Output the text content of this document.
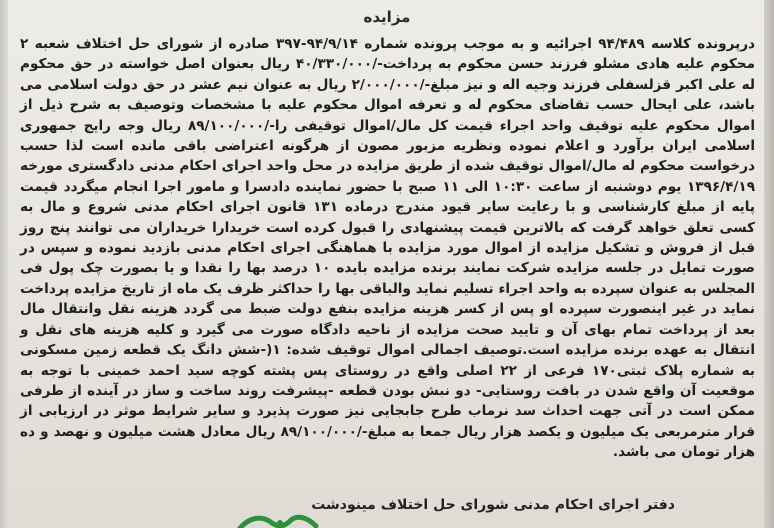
مزایده
درپرونده کلاسه ۹۴/۴۸۹ اجرائیه و به موجب پرونده شماره ۹۴/۹/۱۴-۳۹۷ صادره از شورای حل اختلاف شعبه ۲ محکوم علیه هادی مشلو فرزند حسن محکوم به پرداخت-/۴۰/۳۳۰/۰۰۰ ریال بعنوان اصل خواسته در حق محکوم له علی اکبر قزلسفلی فرزند وجیه اله و نیز مبلغ-/۲/۰۰۰/۰۰۰ ریال به عنوان نیم عشر در حق دولت اسلامی می باشد، علی ایحال حسب تقاضای محکوم له و تعرفه اموال محکوم علیه با مشخصات وتوصیف به شرح ذیل از اموال محکوم علیه توقیف واحد اجراء قیمت کل مال/اموال توقیفی را-/۸۹/۱۰۰/۰۰۰ ریال وجه رایج جمهوری اسلامی ایران برآورد و اعلام نموده ونظریه مزبور مصون از هرگونه اعتراضی باقی مانده است لذا حسب درخواست محکوم له مال/اموال توقیف شده از طریق مزایده در محل واحد اجرای احکام مدنی دادگستری مورخه ۱۳۹۶/۴/۱۹ یوم دوشنبه از ساعت ۱۰:۳۰ الی ۱۱ صبح با حضور نماینده دادسرا و مامور اجرا انجام میگردد قیمت پایه از مبلغ کارشناسی و با رعایت سایر قیود مندرج درماده ۱۳۱ قانون اجرای احکام مدنی شروع و مال به کسی تعلق خواهد گرفت که بالاترین قیمت پیشنهادی را قبول کرده است خریدارا خریداران می توانند پنج روز قبل از فروش و تشکیل مزایده از اموال مورد مزایده با هماهنگی اجرای احکام مدنی بازدید نموده و سپس در صورت تمایل در جلسه مزایده شرکت نمایند برنده مزایده بایده ۱۰ درصد بها را نقدا و یا بصورت چک پول فی المجلس به عنوان سپرده به واحد اجراء تسلیم نماید والباقی بها را حداکثر ظرف یک ماه از تاریخ مزایده پرداخت نماید در غیر اینصورت سپرده او پس از کسر هزینه مزایده بنفع دولت ضبط می گردد هزینه نقل وانتقال مال بعد از پرداخت تمام بهای آن و تایید صحت مزایده از ناحیه دادگاه صورت می گیرد و کلیه هزینه های نقل و انتقال به عهده برنده مزایده است.توصیف اجمالی اموال توقیف شده: ۱(-شش دانگ یک قطعه زمین مسکونی به شماره پلاک ثبتی۱۷۰ فرعی از ۲۲ اصلی واقع در روستای پس پشته کوچه سید احمد خمینی با توجه به موقعیت آن واقع شدن در بافت روستایی- دو نبش بودن قطعه -پیشرفت روند ساخت و ساز در آینده از طرفی ممکن است در آتی جهت احداث سد نرماب طرح جابجایی نیز صورت پذیرد و سایر شرایط موثر در ارزیابی از قرار مترمربعی یک میلیون و یکصد هزار ریال جمعا به مبلغ-/۸۹/۱۰۰/۰۰۰ ریال معادل هشت میلیون و نهصد و ده هزار تومان می باشد.
دفتر اجرای احکام مدنی شورای حل اختلاف مینودشت
